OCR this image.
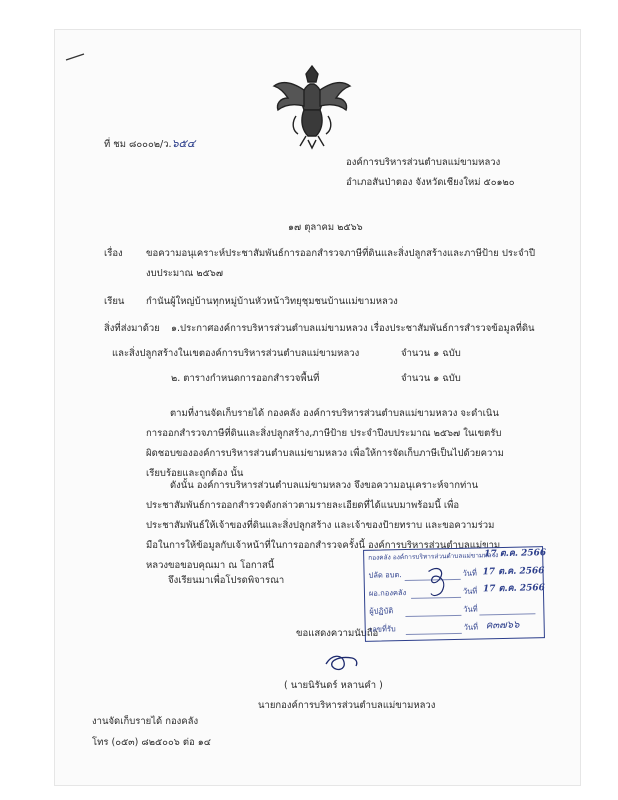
ที่ ชม ๘๐๐๐๒/ว.๖๕๔
องค์การบริหารส่วนตำบลแม่ขามหลวง
อำเภอสันป่าตอง จังหวัดเชียงใหม่ ๕๐๑๒๐
๑๗ ตุลาคม ๒๕๖๖
เรื่อง ขอความอนุเคราะห์ประชาสัมพันธ์การออกสำรวจภาษีที่ดินและสิ่งปลูกสร้างและภาษีป้าย ประจำปี
งบประมาณ ๒๕๖๗
เรียน กำนันผู้ใหญ่บ้านทุกหมู่บ้านหัวหน้าวิทยุชุมชนบ้านแม่ขามหลวง
สิ่งที่ส่งมาด้วย ๑.ประกาศองค์การบริหารส่วนตำบลแม่ขามหลวง เรื่องประชาสัมพันธ์การสำรวจข้อมูลที่ดิน
และสิ่งปลูกสร้างในเขตองค์การบริหารส่วนตำบลแม่ขามหลวง	จำนวน ๑ ฉบับ
๒. ตารางกำหนดการออกสำรวจพื้นที่	จำนวน ๑ ฉบับ
ตามที่งานจัดเก็บรายได้ กองคลัง องค์การบริหารส่วนตำบลแม่ขามหลวง จะดำเนินการออกสำรวจภาษีที่ดินและสิ่งปลูกสร้าง,ภาษีป้าย ประจำปีงบประมาณ ๒๕๖๗ ในเขตรับผิดชอบขององค์การบริหารส่วนตำบลแม่ขามหลวง เพื่อให้การจัดเก็บภาษีเป็นไปด้วยความเรียบร้อยและถูกต้อง นั้น
ดังนั้น องค์การบริหารส่วนตำบลแม่ขามหลวง จึงขอความอนุเคราะห์จากท่านประชาสัมพันธ์การออกสำรวจดังกล่าวตามรายละเอียดที่ได้แนบมาพร้อมนี้ เพื่อประชาสัมพันธ์ให้เจ้าของที่ดินและสิ่งปลูกสร้าง และเจ้าของป้ายทราบ และขอความร่วมมือในการให้ข้อมูลกับเจ้าหน้าที่ในการออกสำรวจครั้งนี้ องค์การบริหารส่วนตำบลแม่ขามหลวงขอขอบคุณมา ณ โอกาสนี้
จึงเรียนมาเพื่อโปรดพิจารณา
ขอแสดงความนับถือ
( นายนิรันดร์ หลานคำ )
นายกองค์การบริหารส่วนตำบลแม่ขามหลวง
งานจัดเก็บรายได้ กองคลัง
โทร (๐๕๓) ๘๒๕๐๐๖ ต่อ ๑๔
กองคลัง องค์การบริหารส่วนตำบลแม่ขามหลวง
17 ต.ค. 2566
ปลัด อบต.	วันที่ 17 ต.ค. 2566
ผอ.กองคลัง	วันที่ 17 ต.ค. 2566
ผู้ปฏิบัติ	วันที่
เลขที่รับ	วันที่ ค๓๗๖๖
